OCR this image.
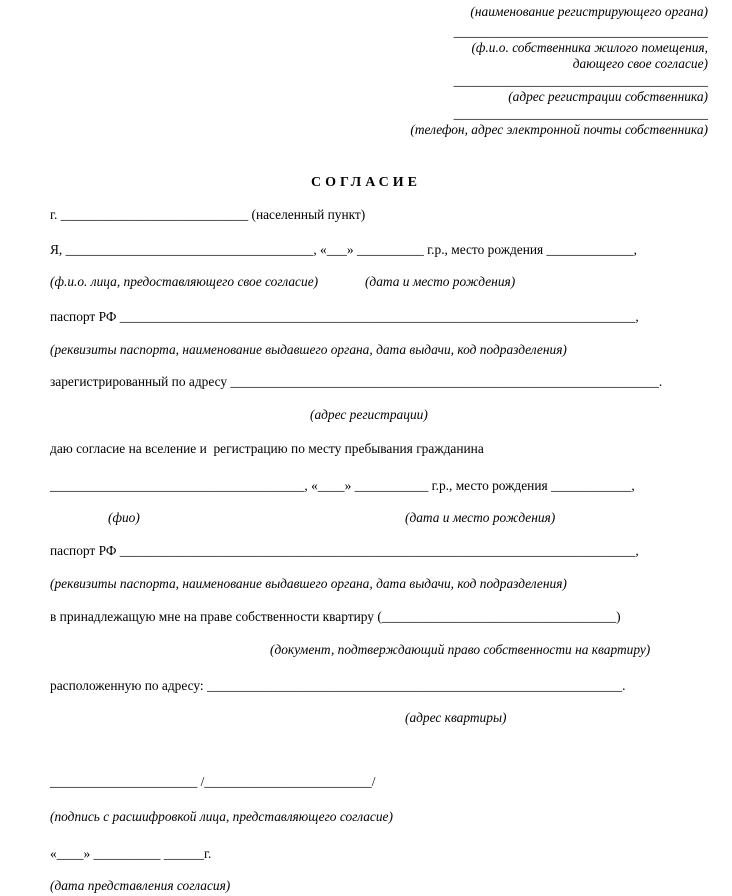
(наименование регистрирующего органа)
______________________________________
(ф.и.о. собственника жилого помещения,
дающего свое согласие)
______________________________________
(адрес регистрации собственника)
______________________________________
(телефон, адрес электронной почты собственника)
СОГЛАСИЕ
г. ____________________________ (населенный пункт)
Я, _____________________________________, «___» __________ г.р., место рождения _____________,
(ф.и.о. лица, предоставляющего свое согласие)              (дата и место рождения)
паспорт РФ _____________________________________________________________________________,
(реквизиты паспорта, наименование выдавшего органа, дата выдачи, код подразделения)
зарегистрированный по адресу ________________________________________________________________.
(адрес регистрации)
даю согласие на вселение и  регистрацию по месту пребывания гражданина
______________________________________, «____» ___________ г.р., место рождения ____________,
(фио)	(дата и место рождения)
паспорт РФ _____________________________________________________________________________,
(реквизиты паспорта, наименование выдавшего органа, дата выдачи, код подразделения)
в принадлежащую мне на праве собственности квартиру (___________________________________)
(документ, подтверждающий право собственности на квартиру)
расположенную по адресу: ______________________________________________________________.
(адрес квартиры)
______________________ /_________________________/
(подпись с расшифровкой лица, представляющего согласие)
«____» __________ ______г.
(дата представления согласия)
